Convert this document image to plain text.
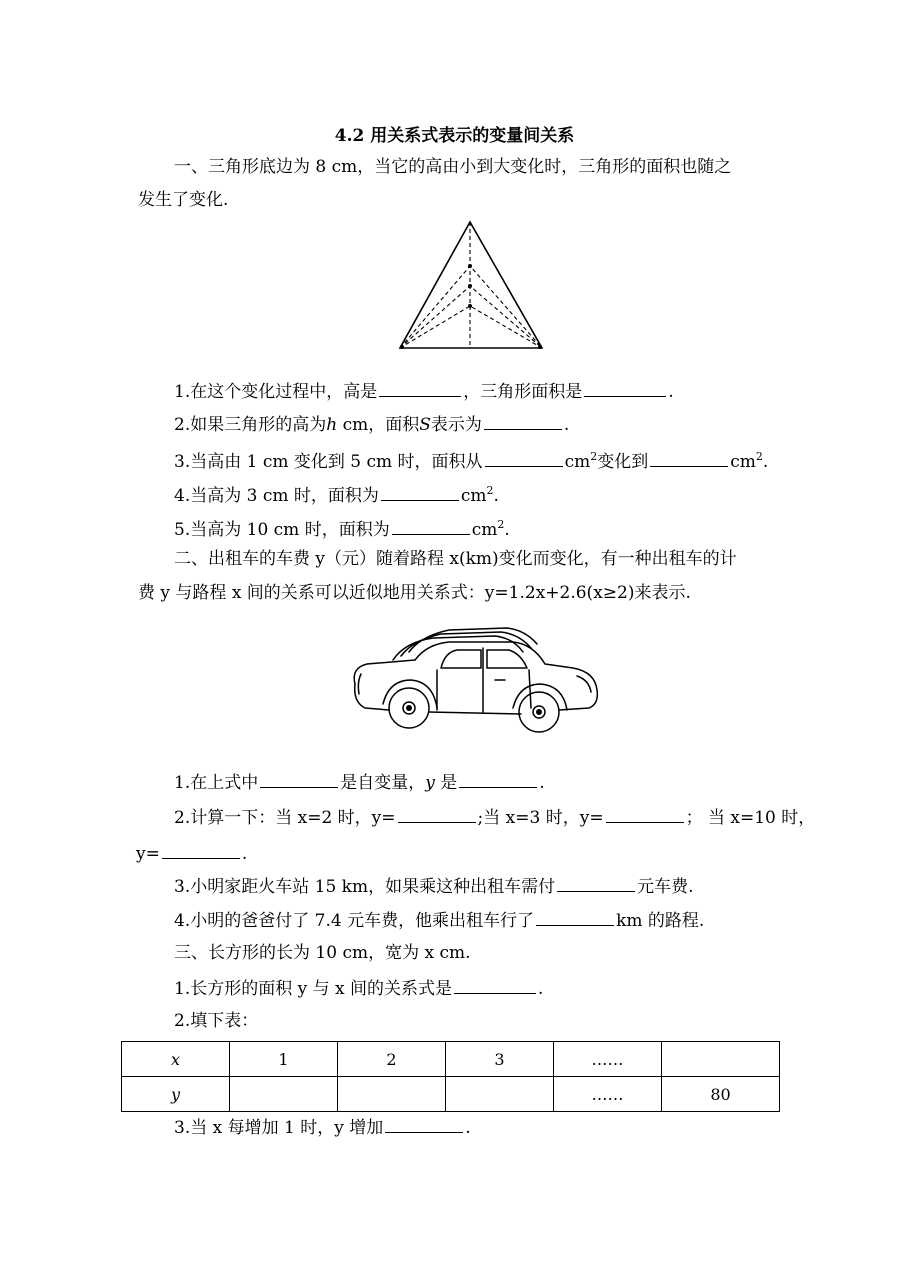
4.2 用关系式表示的变量间关系
一、三角形底边为 8 cm，当它的高由小到大变化时，三角形的面积也随之
发生了变化.
1.在这个变化过程中，高是	，三角形面积是	.
2.如果三角形的高为h cm，面积S表示为	.
3.当高由 1 cm 变化到 5 cm 时，面积从	$cm^2$变化到	$cm^2$.
4.当高为 3 cm 时，面积为	$cm^2$.
5.当高为 10 cm 时，面积为	$cm^2$.
二、出租车的车费 y（元）随着路程 x(km)变化而变化，有一种出租车的计
费 y 与路程 x 间的关系可以近似地用关系式：y=1.2x+2.6(x≥2)来表示.
1.在上式中	是自变量，y 是	.
2.计算一下：当 x=2 时，y=	;当 x=3 时，y=	； 当 x=10 时，
y=	.
3.小明家距火车站 15 km，如果乘这种出租车需付	元车费.
4.小明的爸爸付了 7.4 元车费，他乘出租车行了	km 的路程.
三、长方形的长为 10 cm，宽为 x cm.
1.长方形的面积 y 与 x 间的关系式是	.
2.填下表：
x	1	2	3	……	
y				……	80
3.当 x 每增加 1 时，y 增加	.
